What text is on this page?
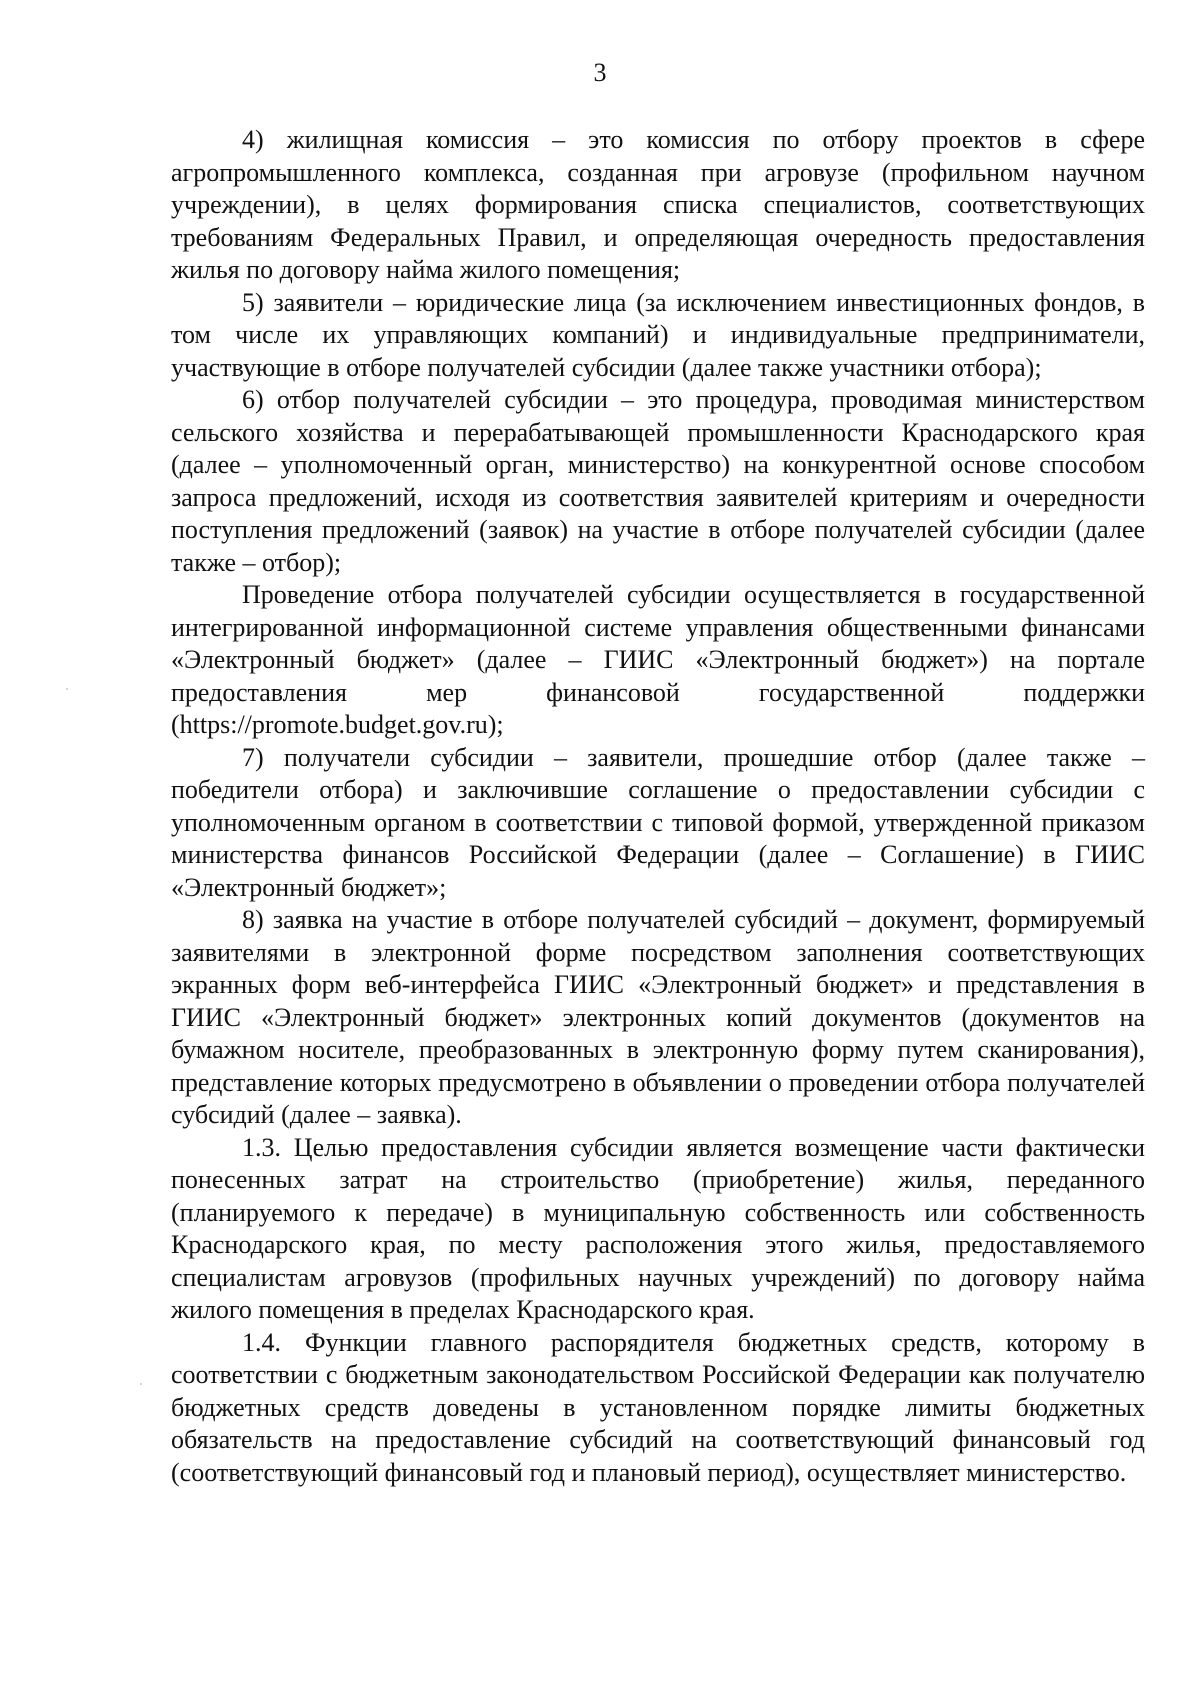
3

4) жилищная комиссия – это комиссия по отбору проектов в сфере агропромышленного комплекса, созданная при агровузе (профильном научном учреждении), в целях формирования списка специалистов, соответствующих требованиям Федеральных Правил, и определяющая очередность предоставления жилья по договору найма жилого помещения;

5) заявители – юридические лица (за исключением инвестиционных фондов, в том числе их управляющих компаний) и индивидуальные предприниматели, участвующие в отборе получателей субсидии (далее также участники отбора);

6) отбор получателей субсидии – это процедура, проводимая министерством сельского хозяйства и перерабатывающей промышленности Краснодарского края (далее – уполномоченный орган, министерство) на конкурентной основе способом запроса предложений, исходя из соответствия заявителей критериям и очередности поступления предложений (заявок) на участие в отборе получателей субсидии (далее также – отбор);

Проведение отбора получателей субсидии осуществляется в государственной интегрированной информационной системе управления общественными финансами «Электронный бюджет» (далее – ГИИС «Электронный бюджет») на портале предоставления мер финансовой государственной поддержки (https://promote.budget.gov.ru);

7) получатели субсидии – заявители, прошедшие отбор (далее также – победители отбора) и заключившие соглашение о предоставлении субсидии с уполномоченным органом в соответствии с типовой формой, утвержденной приказом министерства финансов Российской Федерации (далее – Соглашение) в ГИИС «Электронный бюджет»;

8) заявка на участие в отборе получателей субсидий – документ, формируемый заявителями в электронной форме посредством заполнения соответствующих экранных форм веб-интерфейса ГИИС «Электронный бюджет» и представления в ГИИС «Электронный бюджет» электронных копий документов (документов на бумажном носителе, преобразованных в электронную форму путем сканирования), представление которых предусмотрено в объявлении о проведении отбора получателей субсидий (далее – заявка).

1.3. Целью предоставления субсидии является возмещение части фактически понесенных затрат на строительство (приобретение) жилья, переданного (планируемого к передаче) в муниципальную собственность или собственность Краснодарского края, по месту расположения этого жилья, предоставляемого специалистам агровузов (профильных научных учреждений) по договору найма жилого помещения в пределах Краснодарского края.

1.4. Функции главного распорядителя бюджетных средств, которому в соответствии с бюджетным законодательством Российской Федерации как получателю бюджетных средств доведены в установленном порядке лимиты бюджетных обязательств на предоставление субсидий на соответствующий финансовый год (соответствующий финансовый год и плановый период), осуществляет министерство.
